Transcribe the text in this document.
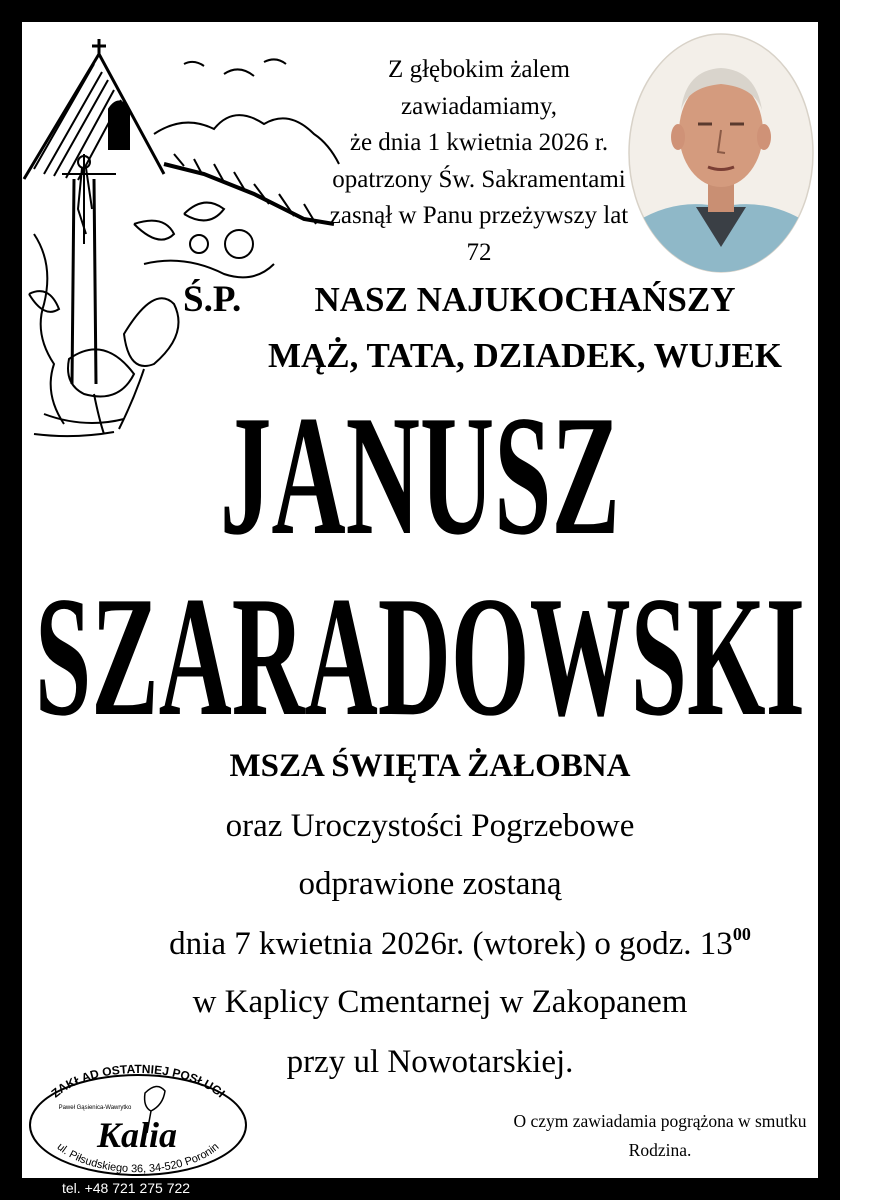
Z głębokim żalem zawiadamiamy,
że dnia 1 kwietnia 2026 r.
opatrzony Św. Sakramentami
zasnął w Panu przeżywszy lat 72
Ś.P.	NASZ NAJUKOCHAŃSZY
MĄŻ, TATA, DZIADEK, WUJEK
JANUSZ
SZARADOWSKI
MSZA ŚWIĘTA ŻAŁOBNA
oraz Uroczystości Pogrzebowe
odprawione zostaną
dnia 7 kwietnia 2026r. (wtorek) o godz. $13^{00}$
w Kaplicy Cmentarnej w Zakopanem
przy ul Nowotarskiej.
O czym zawiadamia pogrążona w smutku
Rodzina.
ZAKŁAD OSTATNIEJ POSŁUGI
Paweł Gąsienica-Wawrytko
Kalia
ul. Piłsudskiego 36, 34-520 Poronin
tel. +48 721 275 722
